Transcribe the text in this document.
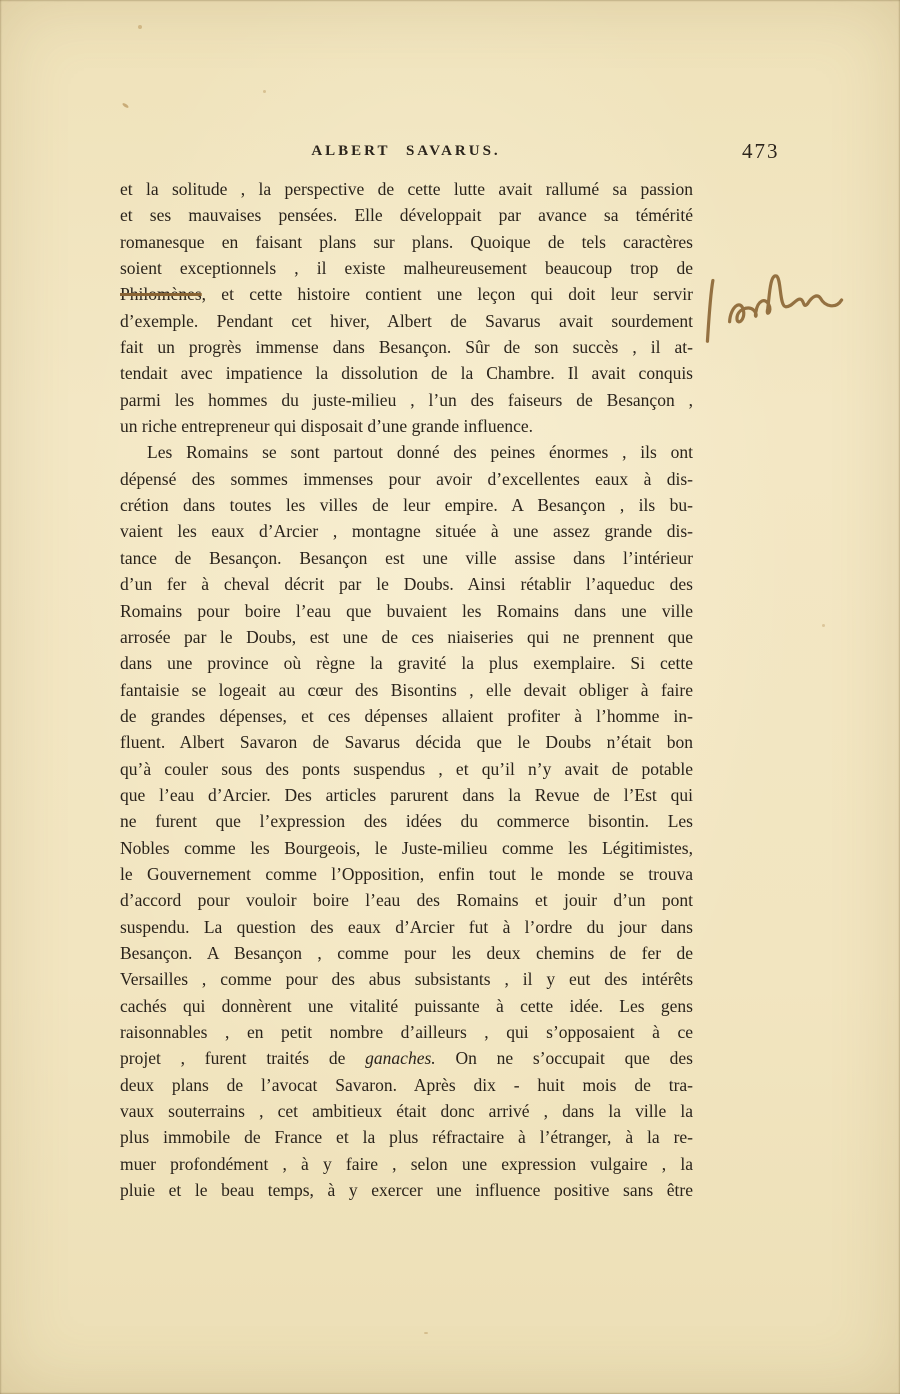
ALBERT SAVARUS.	473
et la solitude , la perspective de cette lutte avait rallumé sa passion
et ses mauvaises pensées. Elle développait par avance sa témérité
romanesque en faisant plans sur plans. Quoique de tels caractères
soient exceptionnels , il existe malheureusement beaucoup trop de
Philomènes, et cette histoire contient une leçon qui doit leur servir
d’exemple. Pendant cet hiver, Albert de Savarus avait sourdement
fait un progrès immense dans Besançon. Sûr de son succès , il at-
tendait avec impatience la dissolution de la Chambre. Il avait conquis
parmi les hommes du juste-milieu , l’un des faiseurs de Besançon ,
un riche entrepreneur qui disposait d’une grande influence.
Les Romains se sont partout donné des peines énormes , ils ont
dépensé des sommes immenses pour avoir d’excellentes eaux à dis-
crétion dans toutes les villes de leur empire. A Besançon , ils bu-
vaient les eaux d’Arcier , montagne située à une assez grande dis-
tance de Besançon. Besançon est une ville assise dans l’intérieur
d’un fer à cheval décrit par le Doubs. Ainsi rétablir l’aqueduc des
Romains pour boire l’eau que buvaient les Romains dans une ville
arrosée par le Doubs, est une de ces niaiseries qui ne prennent que
dans une province où règne la gravité la plus exemplaire. Si cette
fantaisie se logeait au cœur des Bisontins , elle devait obliger à faire
de grandes dépenses, et ces dépenses allaient profiter à l’homme in-
fluent. Albert Savaron de Savarus décida que le Doubs n’était bon
qu’à couler sous des ponts suspendus , et qu’il n’y avait de potable
que l’eau d’Arcier. Des articles parurent dans la Revue de l’Est qui
ne furent que l’expression des idées du commerce bisontin. Les
Nobles comme les Bourgeois, le Juste-milieu comme les Légitimistes,
le Gouvernement comme l’Opposition, enfin tout le monde se trouva
d’accord pour vouloir boire l’eau des Romains et jouir d’un pont
suspendu. La question des eaux d’Arcier fut à l’ordre du jour dans
Besançon. A Besançon , comme pour les deux chemins de fer de
Versailles , comme pour des abus subsistants , il y eut des intérêts
cachés qui donnèrent une vitalité puissante à cette idée. Les gens
raisonnables , en petit nombre d’ailleurs , qui s’opposaient à ce
projet , furent traités de ganaches. On ne s’occupait que des
deux plans de l’avocat Savaron. Après dix - huit mois de tra-
vaux souterrains , cet ambitieux était donc arrivé , dans la ville la
plus immobile de France et la plus réfractaire à l’étranger, à la re-
muer profondément , à y faire , selon une expression vulgaire , la
pluie et le beau temps, à y exercer une influence positive sans être
